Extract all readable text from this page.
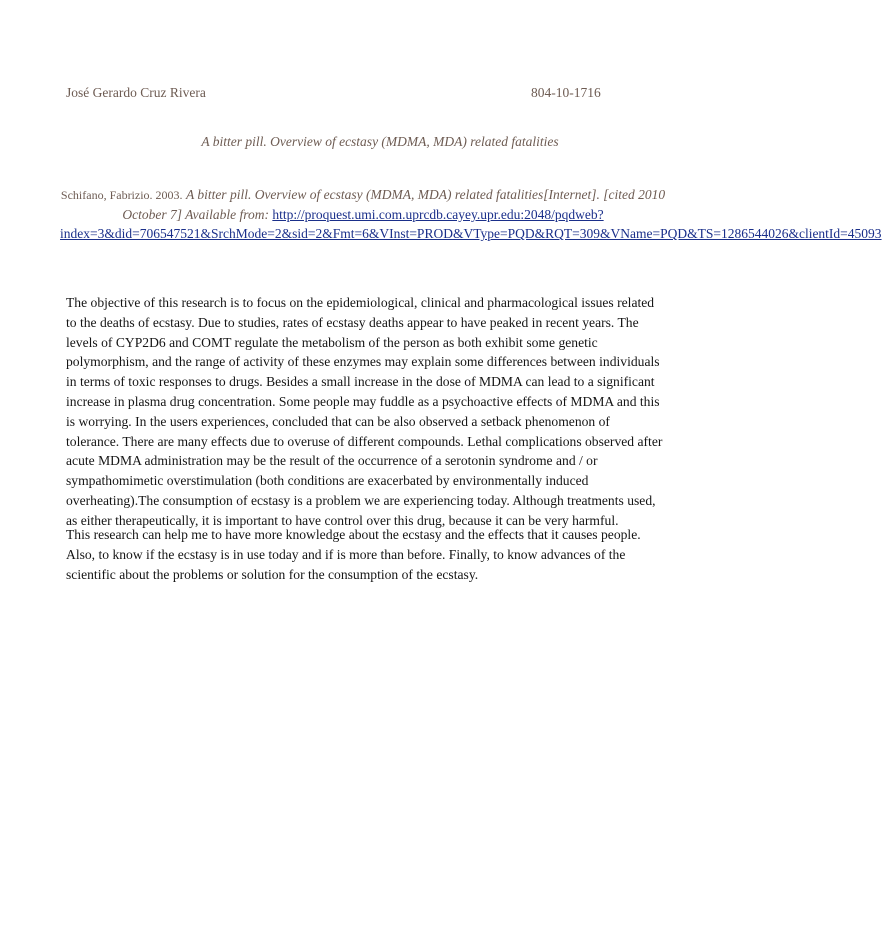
José Gerardo Cruz Rivera	804-10-1716
A bitter pill. Overview of ecstasy (MDMA, MDA) related fatalities
Schifano, Fabrizio. 2003. A bitter pill. Overview of ecstasy (MDMA, MDA) related fatalities[Internet]. [cited 2010 October 7] Available from: http://proquest.umi.com.uprcdb.cayey.upr.edu:2048/pqdweb?index=3&did=706547521&SrchMode=2&sid=2&Fmt=6&VInst=PROD&VType=PQD&RQT=309&VName=PQD&TS=1286544026&clientId=45093
The objective of this research is to focus on the epidemiological, clinical and pharmacological issues related to the deaths of ecstasy. Due to studies, rates of ecstasy deaths appear to have peaked in recent years. The levels of CYP2D6 and COMT regulate the metabolism of the person as both exhibit some genetic polymorphism, and the range of activity of these enzymes may explain some differences between individuals in terms of toxic responses to drugs. Besides a small increase in the dose of MDMA can lead to a significant increase in plasma drug concentration. Some people may fuddle as a psychoactive effects of MDMA and this is worrying. In the users experiences, concluded that can be also observed a setback phenomenon of tolerance. There are many effects due to overuse of different compounds. Lethal complications observed after acute MDMA administration may be the result of the occurrence of a serotonin syndrome and / or sympathomimetic overstimulation (both conditions are exacerbated by environmentally induced overheating).The consumption of ecstasy is a problem we are experiencing today. Although treatments used, as either therapeutically, it is important to have control over this drug, because it can be very harmful.
This research can help me to have more knowledge about the ecstasy and the effects that it causes people. Also, to know if the ecstasy is in use today and if is more than before. Finally, to know advances of the scientific about the problems or solution for the consumption of the ecstasy.
